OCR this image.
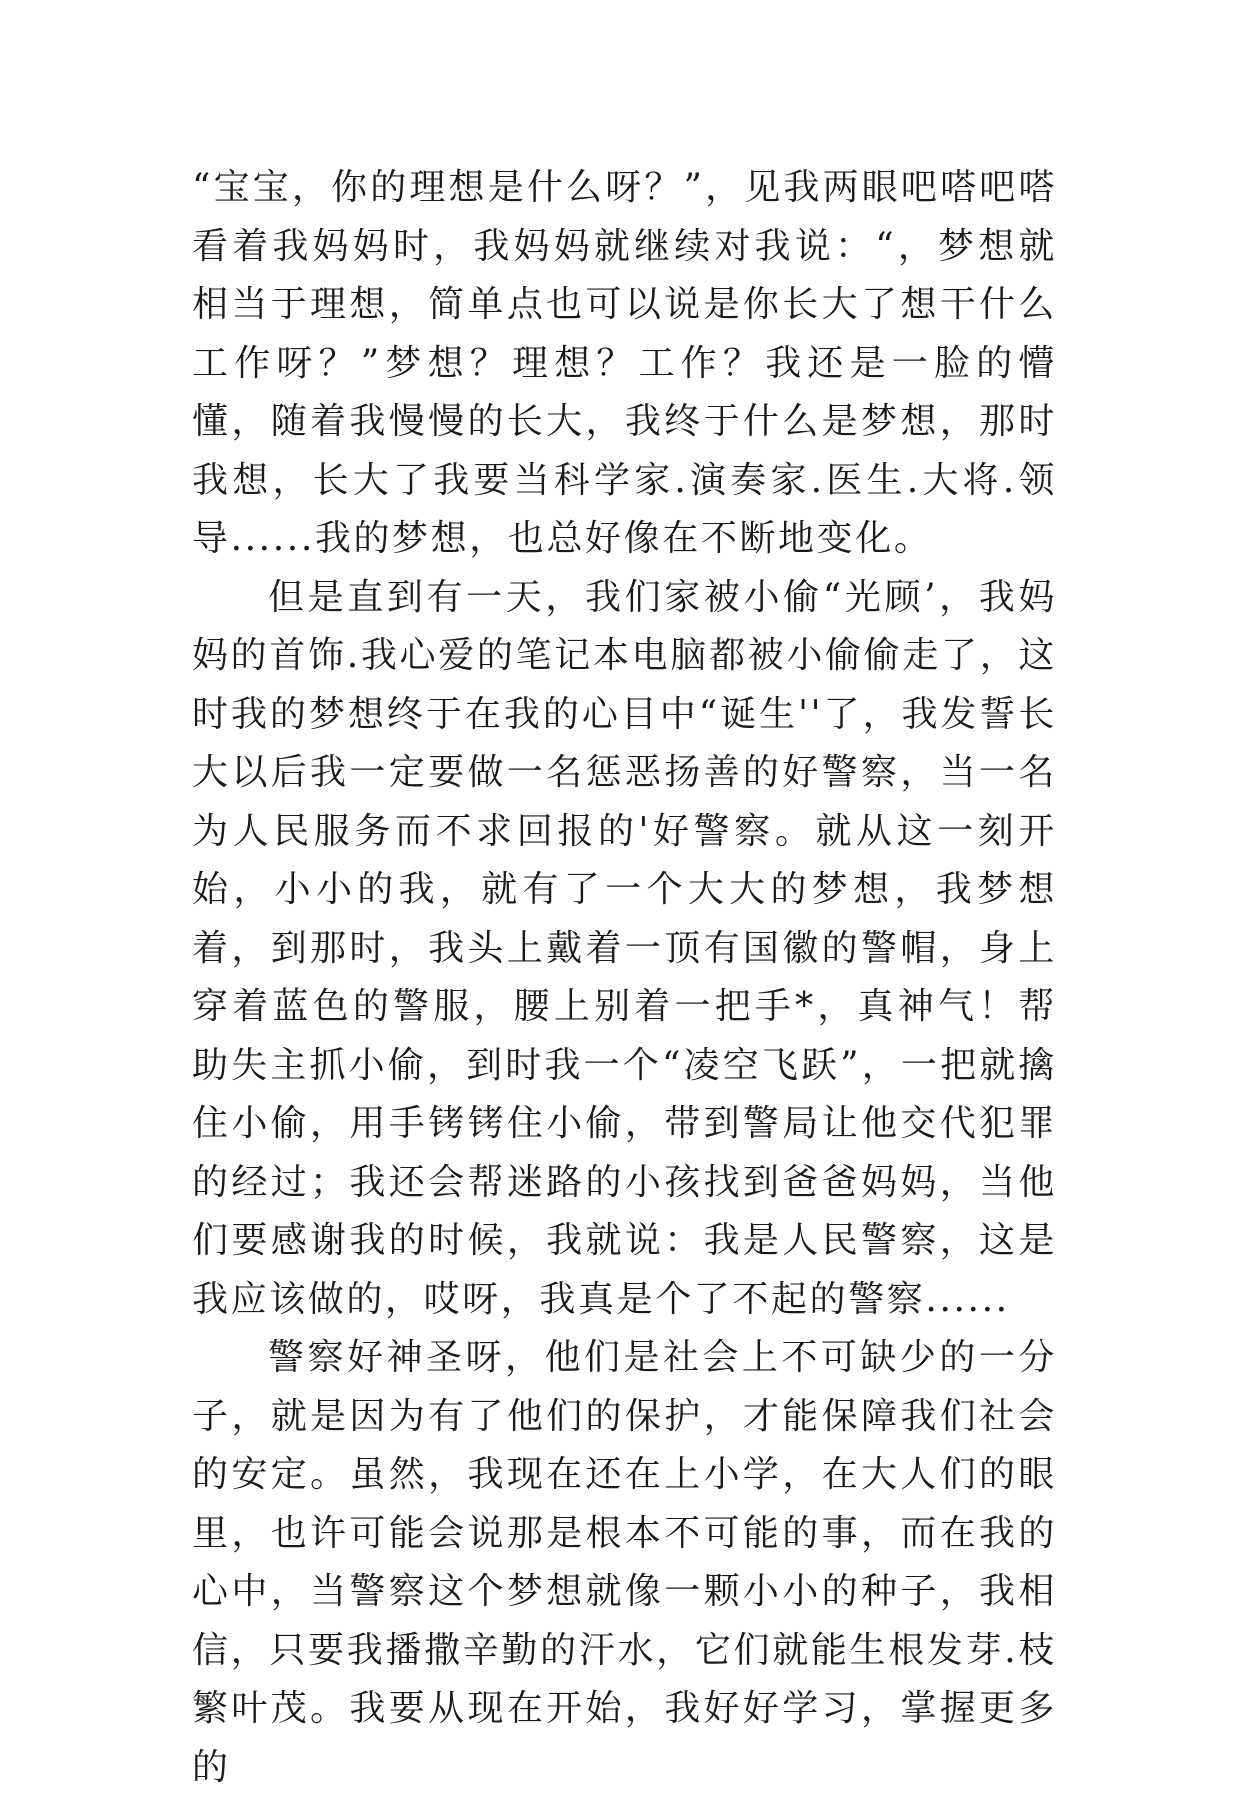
“宝宝，你的理想是什么呀？”，见我两眼吧嗒吧嗒看着我妈妈时，我妈妈就继续对我说：“，梦想就相当于理想，简单点也可以说是你长大了想干什么工作呀？”梦想？理想？工作？我还是一脸的懵懂，随着我慢慢的长大，我终于什么是梦想，那时我想，长大了我要当科学家.演奏家.医生.大将.领导......我的梦想，也总好像在不断地变化。

但是直到有一天，我们家被小偷“光顾’，我妈妈的首饰.我心爱的笔记本电脑都被小偷偷走了，这时我的梦想终于在我的心目中“诞生''了，我发誓长大以后我一定要做一名惩恶扬善的好警察，当一名为人民服务而不求回报的'好警察。就从这一刻开始，小小的我，就有了一个大大的梦想，我梦想着，到那时，我头上戴着一顶有国徽的警帽，身上穿着蓝色的警服，腰上别着一把手*，真神气！帮助失主抓小偷，到时我一个“凌空飞跃”，一把就擒住小偷，用手铐铐住小偷，带到警局让他交代犯罪的经过；我还会帮迷路的小孩找到爸爸妈妈，当他们要感谢我的时候，我就说：我是人民警察，这是我应该做的，哎呀，我真是个了不起的警察......

警察好神圣呀，他们是社会上不可缺少的一分子，就是因为有了他们的保护，才能保障我们社会的安定。虽然，我现在还在上小学，在大人们的眼里，也许可能会说那是根本不可能的事，而在我的心中，当警察这个梦想就像一颗小小的种子，我相信，只要我播撒辛勤的汗水，它们就能生根发芽.枝繁叶茂。我要从现在开始，我好好学习，掌握更多的
